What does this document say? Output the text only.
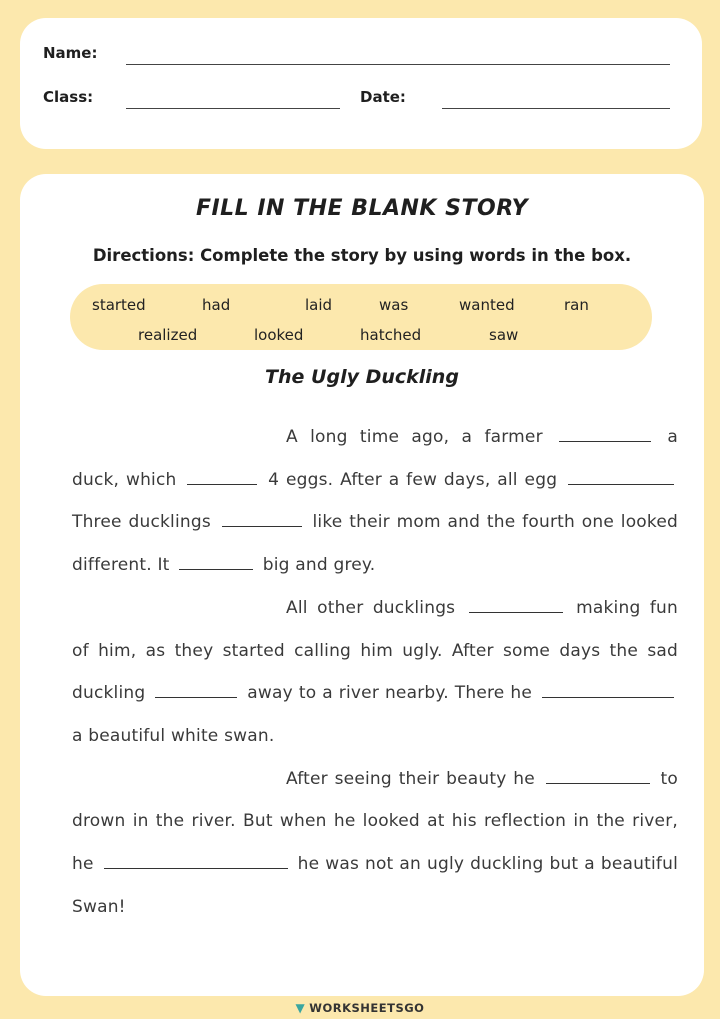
Name:
Class:	Date:
FILL IN THE BLANK STORY
Directions: Complete the story by using words in the box.
started	had	laid	was	wanted	ran
realized	looked	hatched	saw
The Ugly Duckling

A long time ago, a farmer	a duck, which	4 eggs. After a few days, all egg  Three ducklings	like their mom and the fourth one looked different. It	big and grey.

All other ducklings	making fun of him, as they started calling him ugly. After some days the sad duckling	away to a river nearby. There he  a beautiful white swan.

After seeing their beauty he	to drown in the river. But when he looked at his reflection in the river, he	he was not an ugly duckling but a beautiful Swan!

▼ WORKSHEETSGO
